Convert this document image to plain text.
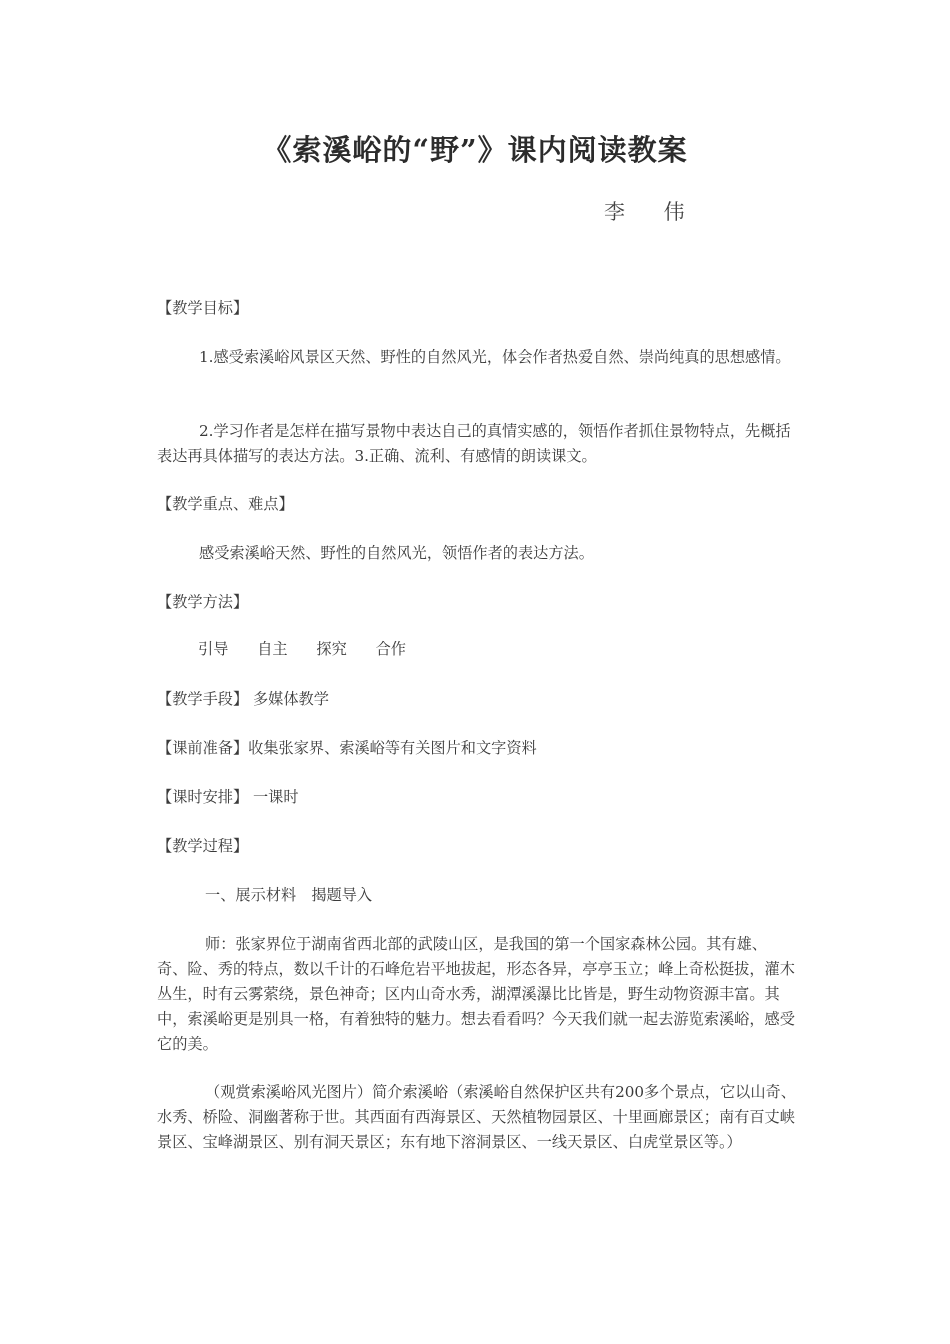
《索溪峪的“野”》课内阅读教案

李 伟

【教学目标】

1.感受索溪峪风景区天然、野性的自然风光，体会作者热爱自然、崇尚纯真的思想感情。

2.学习作者是怎样在描写景物中表达自己的真情实感的，领悟作者抓住景物特点，先概括表达再具体描写的表达方法。3.正确、流利、有感情的朗读课文。

【教学重点、难点】

感受索溪峪天然、野性的自然风光，领悟作者的表达方法。

【教学方法】

引导 自主 探究 合作

【教学手段】 多媒体教学

【课前准备】收集张家界、索溪峪等有关图片和文字资料

【课时安排】 一课时

【教学过程】

一、展示材料　揭题导入

师：张家界位于湖南省西北部的武陵山区，是我国的第一个国家森林公园。其有雄、奇、险、秀的特点，数以千计的石峰危岩平地拔起，形态各异，亭亭玉立；峰上奇松挺拔，灌木丛生，时有云雾萦绕，景色神奇；区内山奇水秀，湖潭溪瀑比比皆是，野生动物资源丰富。其中，索溪峪更是别具一格，有着独特的魅力。想去看看吗？今天我们就一起去游览索溪峪，感受它的美。

（观赏索溪峪风光图片）简介索溪峪（索溪峪自然保护区共有200多个景点，它以山奇、水秀、桥险、洞幽著称于世。其西面有西海景区、天然植物园景区、十里画廊景区；南有百丈峡景区、宝峰湖景区、别有洞天景区；东有地下溶洞景区、一线天景区、白虎堂景区等。）
